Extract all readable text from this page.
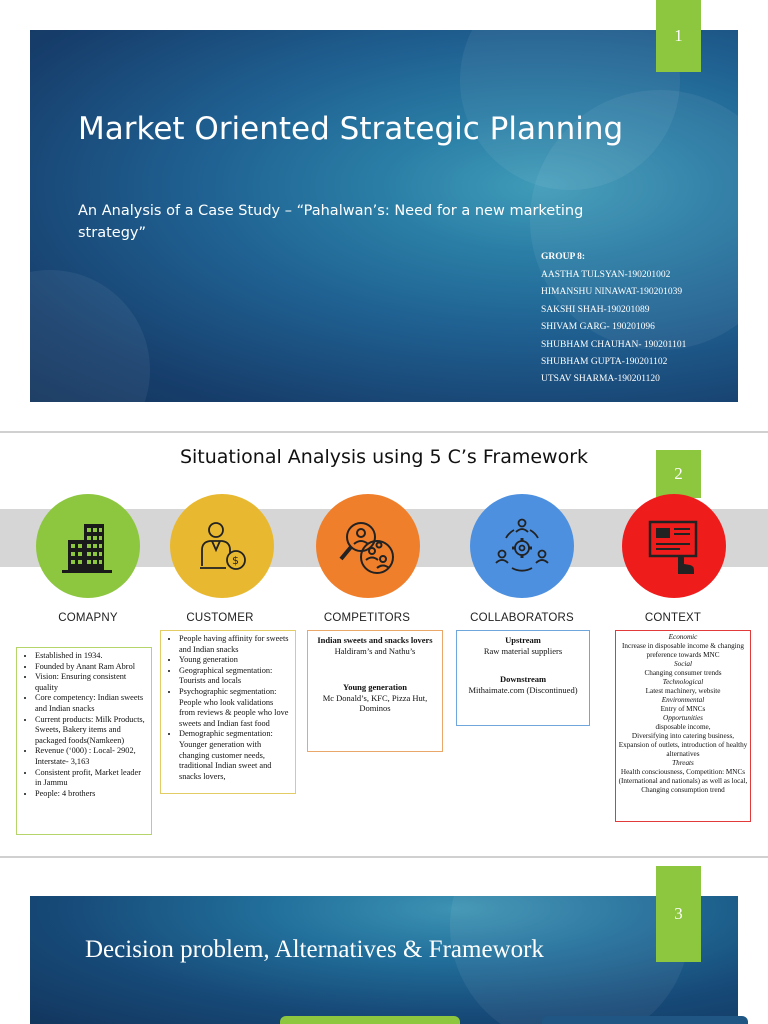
1
Market Oriented Strategic Planning
An Analysis of a Case Study – “Pahalwan’s: Need for a new marketing strategy”
GROUP 8:
AASTHA TULSYAN-190201002
HIMANSHU NINAWAT-190201039
SAKSHI SHAH-190201089
SHIVAM GARG- 190201096
SHUBHAM CHAUHAN- 190201101
SHUBHAM GUPTA-190201102
UTSAV SHARMA-190201120
Situational Analysis using 5 C’s Framework
2
$
COMAPNY	CUSTOMER	COMPETITORS	COLLABORATORS	CONTEXT
• Established in 1934.
• Founded by Anant Ram Abrol
• Vision: Ensuring consistent quality
• Core competency: Indian sweets and Indian snacks
• Current products: Milk Products, Sweets, Bakery items and packaged foods(Namkeen)
• Revenue (‘000) : Local- 2902, Interstate- 3,163
• Consistent profit, Market leader in Jammu
• People: 4 brothers
• People having affinity for sweets and Indian snacks
• Young generation
• Geographical segmentation: Tourists and locals
• Psychographic segmentation: People who look validations from reviews & people who love sweets and Indian fast food
• Demographic segmentation: Younger generation with changing customer needs, traditional Indian sweet and snacks lovers,
Indian sweets and snacks lovers
Haldiram’s and Nathu’s
Young generation
Mc Donald’s, KFC, Pizza Hut, Dominos
Upstream
Raw material suppliers
Downstream
Mithaimate.com (Discontinued)

Economic

Increase in disposable income & changing preference towards MNC

Social

Changing consumer trends

Technological

Latest machinery, website

Environmental

Entry of MNCs

Opportunities

disposable income,

Diversifying into catering business, Expansion of outlets, introduction of healthy alternatives

Threats

Health consciousness, Competition: MNCs (International and nationals) as well as local, Changing consumption trend

3
Decision problem, Alternatives & Framework
